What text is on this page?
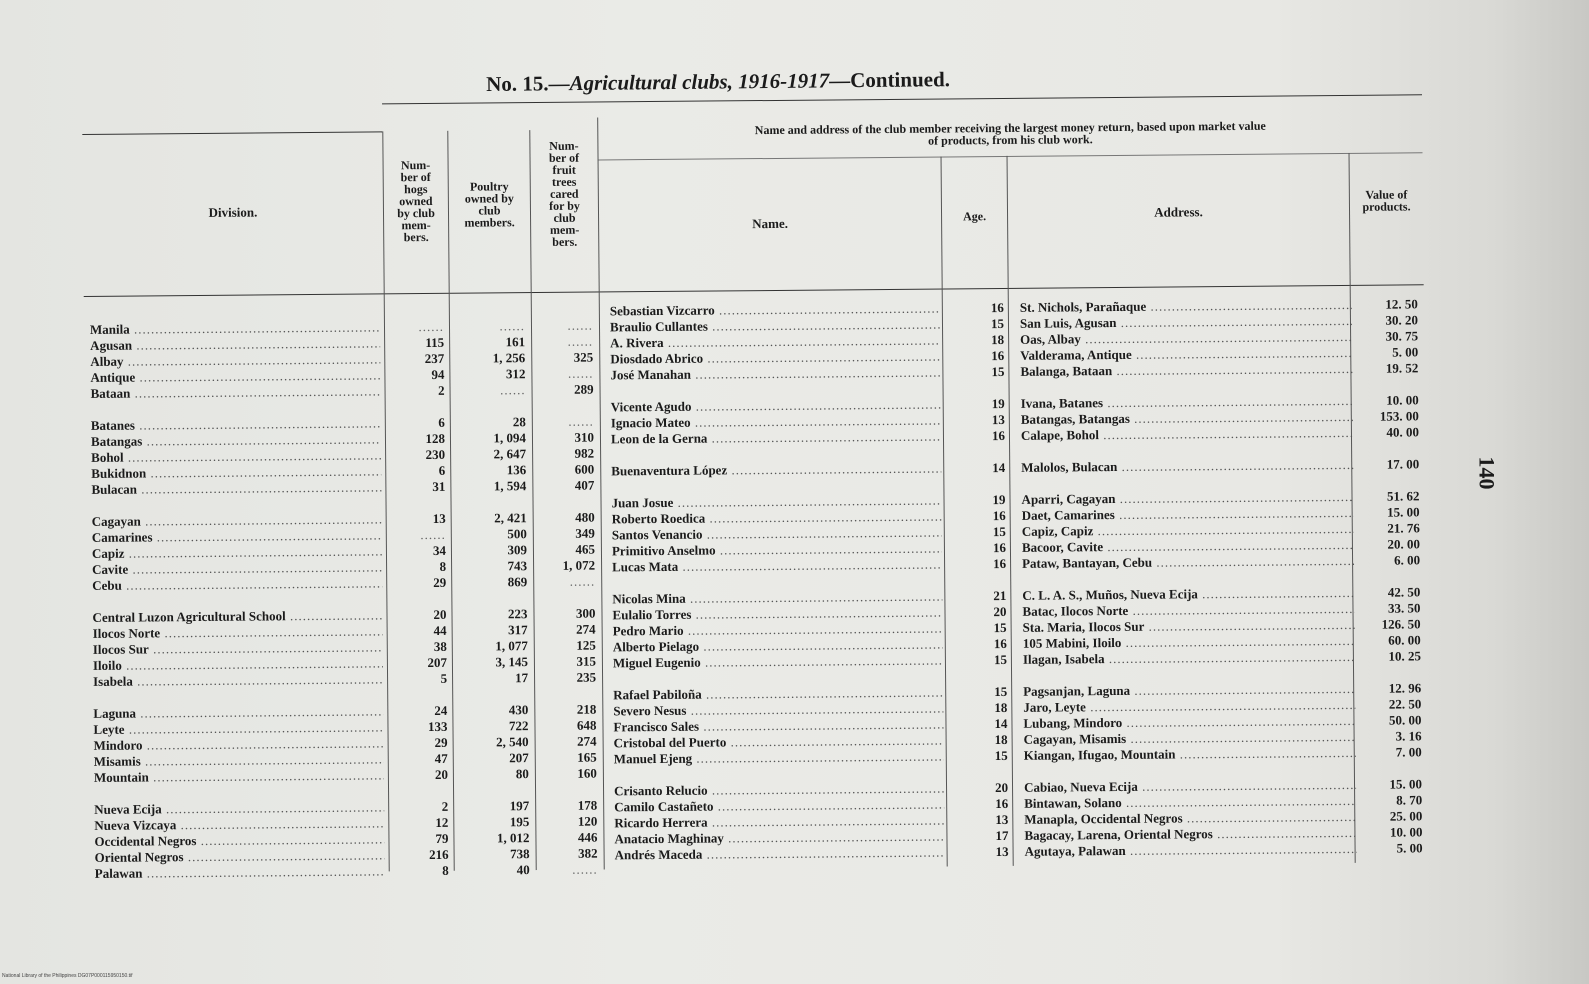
No. 15.—Agricultural clubs, 1916-1917—Continued.
140
Division.
Num-
ber of
hogs
owned
by club
mem-
bers.
Poultry
owned by
club
members.
Num-
ber of
fruit
trees
cared
for by
club
mem-
bers.
Name and address of the club member receiving the largest money return, based upon market value
of products, from his club work.
Name.	Age.	Address.
Value of
products.
Manila .....	......	......	......
Agusan .....	115	161	......
Albay .....	237	1, 256	325
Antique .....	94	312	......
Bataan .....	2	......	289
Batanes .....	6	28	......
Batangas .....	128	1, 094	310
Bohol .....	230	2, 647	982
Bukidnon .....	6	136	600
Bulacan .....	31	1, 594	407
Cagayan .....	13	2, 421	480
Camarines .....	......	500	349
Capiz .....	34	309	465
Cavite .....	8	743	1, 072
Cebu .....	29	869	......
Central Luzon Agricultural School .....	20	223	300
Ilocos Norte .....	44	317	274
Ilocos Sur .....	38	1, 077	125
Iloilo .....	207	3, 145	315
Isabela .....	5	17	235
Laguna .....	24	430	218
Leyte .....	133	722	648
Mindoro .....	29	2, 540	274
Misamis .....	47	207	165
Mountain .....	20	80	160
Nueva Ecija .....	2	197	178
Nueva Vizcaya .....	12	195	120
Occidental Negros .....	79	1, 012	446
Oriental Negros .....	216	738	382
Palawan .....	8	40	......
Sebastian Vizcarro .....	16 St. Nichols, Parañaque .....	12. 50
Braulio Cullantes .....	15 San Luis, Agusan .....	30. 20
A. Rivera .....	18 Oas, Albay .....	30. 75
Diosdado Abrico .....	16 Valderama, Antique .....	5. 00
José Manahan .....	15 Balanga, Bataan .....	19. 52
Vicente Agudo .....	19 Ivana, Batanes .....	10. 00
Ignacio Mateo .....	13 Batangas, Batangas .....	153. 00
Leon de la Gerna .....	16 Calape, Bohol .....	40. 00
Buenaventura López .....	14 Malolos, Bulacan .....	17. 00
Juan Josue .....	19 Aparri, Cagayan .....	51. 62
Roberto Roedica .....	16 Daet, Camarines .....	15. 00
Santos Venancio .....	15 Capiz, Capiz .....	21. 76
Primitivo Anselmo .....	16 Bacoor, Cavite .....	20. 00
Lucas Mata .....	16 Pataw, Bantayan, Cebu .....	6. 00
Nicolas Mina .....	21 C. L. A. S., Muños, Nueva Ecija .....	42. 50
Eulalio Torres .....	20 Batac, Ilocos Norte .....	33. 50
Pedro Mario .....	15 Sta. Maria, Ilocos Sur .....	126. 50
Alberto Pielago .....	16 105 Mabini, Iloilo .....	60. 00
Miguel Eugenio .....	15 Ilagan, Isabela .....	10. 25
Rafael Pabiloña .....	15 Pagsanjan, Laguna .....	12. 96
Severo Nesus .....	18 Jaro, Leyte .....	22. 50
Francisco Sales .....	14 Lubang, Mindoro .....	50. 00
Cristobal del Puerto .....	18 Cagayan, Misamis .....	3. 16
Manuel Ejeng .....	15 Kiangan, Ifugao, Mountain .....	7. 00
Crisanto Relucio .....	20 Cabiao, Nueva Ecija .....	15. 00
Camilo Castañeto .....	16 Bintawan, Solano .....	8. 70
Ricardo Herrera .....	13 Manapla, Occidental Negros .....	25. 00
Anatacio Maghinay .....	17 Bagacay, Larena, Oriental Negros .....	10. 00
Andrés Maceda .....	13 Agutaya, Palawan .....	5. 00
National Library of the Philippines DG07P000115950150.tif
